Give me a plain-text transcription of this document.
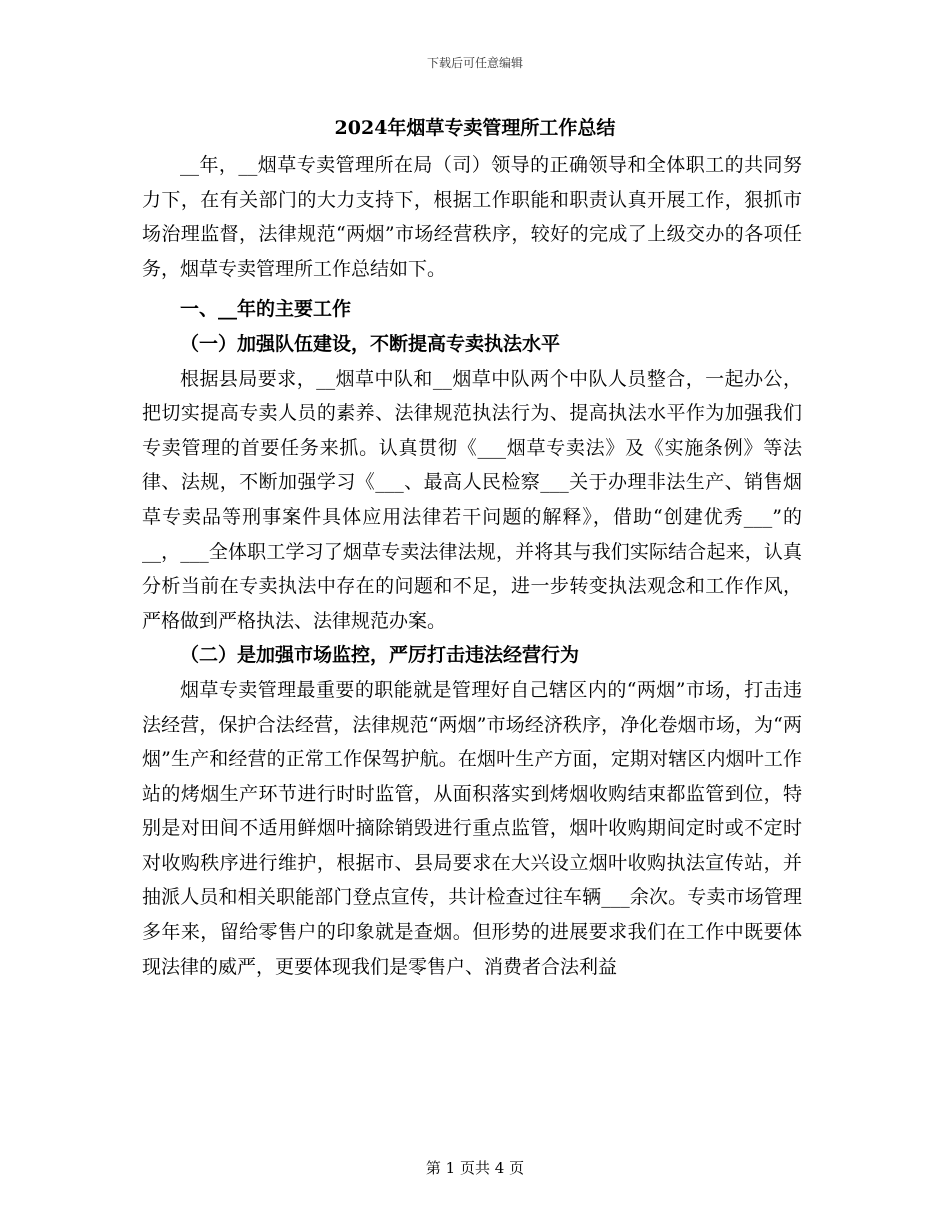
下载后可任意编辑
2024年烟草专卖管理所工作总结

__年，__烟草专卖管理所在局（司）领导的正确领导和全体职工的共同努力下，在有关部门的大力支持下，根据工作职能和职责认真开展工作，狠抓市场治理监督，法律规范“两烟”市场经营秩序，较好的完成了上级交办的各项任务，烟草专卖管理所工作总结如下。

一、__年的主要工作

（一）加强队伍建设，不断提高专卖执法水平

根据县局要求，__烟草中队和__烟草中队两个中队人员整合，一起办公，把切实提高专卖人员的素养、法律规范执法行为、提高执法水平作为加强我们专卖管理的首要任务来抓。认真贯彻《___烟草专卖法》及《实施条例》等法律、法规，不断加强学习《___、最高人民检察___关于办理非法生产、销售烟草专卖品等刑事案件具体应用法律若干问题的解释》，借助“创建优秀___”的__，___全体职工学习了烟草专卖法律法规，并将其与我们实际结合起来，认真分析当前在专卖执法中存在的问题和不足，进一步转变执法观念和工作作风，严格做到严格执法、法律规范办案。

（二）是加强市场监控，严厉打击违法经营行为

烟草专卖管理最重要的职能就是管理好自己辖区内的“两烟”市场，打击违法经营，保护合法经营，法律规范“两烟”市场经济秩序，净化卷烟市场，为“两烟”生产和经营的正常工作保驾护航。在烟叶生产方面，定期对辖区内烟叶工作站的烤烟生产环节进行时时监管，从面积落实到烤烟收购结束都监管到位，特别是对田间不适用鲜烟叶摘除销毁进行重点监管，烟叶收购期间定时或不定时对收购秩序进行维护，根据市、县局要求在大兴设立烟叶收购执法宣传站，并抽派人员和相关职能部门登点宣传，共计检查过往车辆___余次。专卖市场管理多年来，留给零售户的印象就是查烟。但形势的进展要求我们在工作中既要体现法律的威严，更要体现我们是零售户、消费者合法利益

第 1 页共 4 页
